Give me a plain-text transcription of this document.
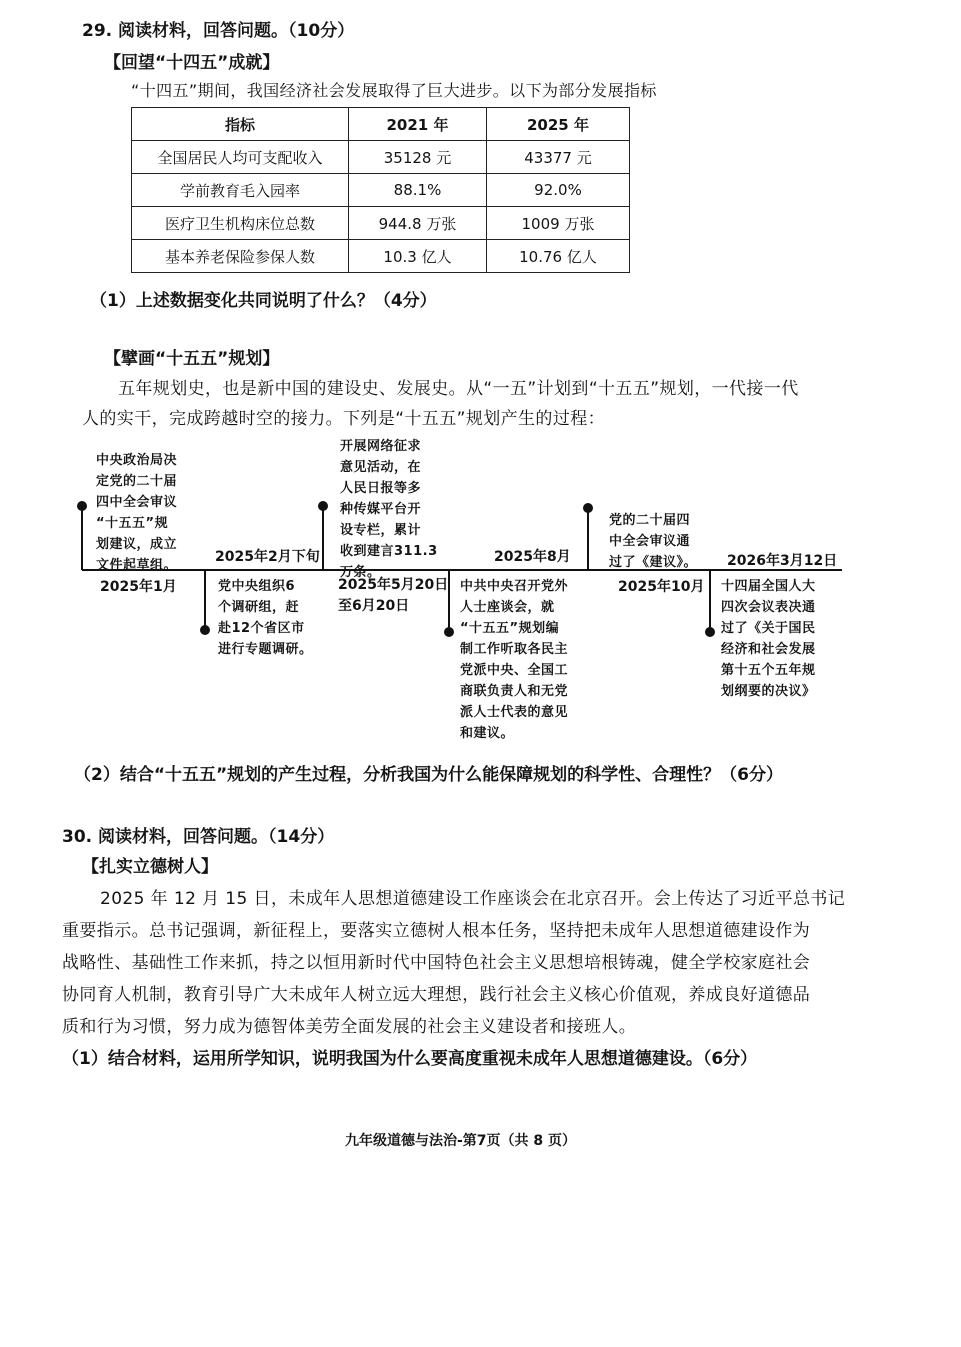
29. 阅读材料，回答问题。（10分）
【回望“十四五”成就】
“十四五”期间，我国经济社会发展取得了巨大进步。以下为部分发展指标
指标	2021 年	2025 年
全国居民人均可支配收入	35128 元	43377 元
学前教育毛入园率	88.1%	92.0%
医疗卫生机构床位总数	944.8 万张	1009 万张
基本养老保险参保人数	10.3 亿人	10.76 亿人
（1）上述数据变化共同说明了什么？（4分）
【擘画“十五五”规划】
五年规划史，也是新中国的建设史、发展史。从“一五”计划到“十五五”规划，一代接一代
人的实干，完成跨越时空的接力。下列是“十五五”规划产生的过程：
中央政治局决
定党的二十届
四中全会审议
“十五五”规
划建议，成立
文件起草组。
2025年1月
2025年2月下旬
党中央组织6
个调研组，赶
赴12个省区市
进行专题调研。
开展网络征求
意见活动，在
人民日报等多
种传媒平台开
设专栏，累计
收到建言311.3
万条。
2025年5月20日
至6月20日
2025年8月
中共中央召开党外
人士座谈会，就
“十五五”规划编
制工作听取各民主
党派中央、全国工
商联负责人和无党
派人士代表的意见
和建议。
党的二十届四
中全会审议通
过了《建议》。
2025年10月
2026年3月12日
十四届全国人大
四次会议表决通
过了《关于国民
经济和社会发展
第十五个五年规
划纲要的决议》
（2）结合“十五五”规划的产生过程，分析我国为什么能保障规划的科学性、合理性？（6分）
30. 阅读材料，回答问题。（14分）
【扎实立德树人】
2025 年 12 月 15 日，未成年人思想道德建设工作座谈会在北京召开。会上传达了习近平总书记
重要指示。总书记强调，新征程上，要落实立德树人根本任务，坚持把未成年人思想道德建设作为
战略性、基础性工作来抓，持之以恒用新时代中国特色社会主义思想培根铸魂，健全学校家庭社会
协同育人机制，教育引导广大未成年人树立远大理想，践行社会主义核心价值观，养成良好道德品
质和行为习惯，努力成为德智体美劳全面发展的社会主义建设者和接班人。
（1）结合材料，运用所学知识，说明我国为什么要高度重视未成年人思想道德建设。（6分）
九年级道德与法治-第7页（共 8 页）
